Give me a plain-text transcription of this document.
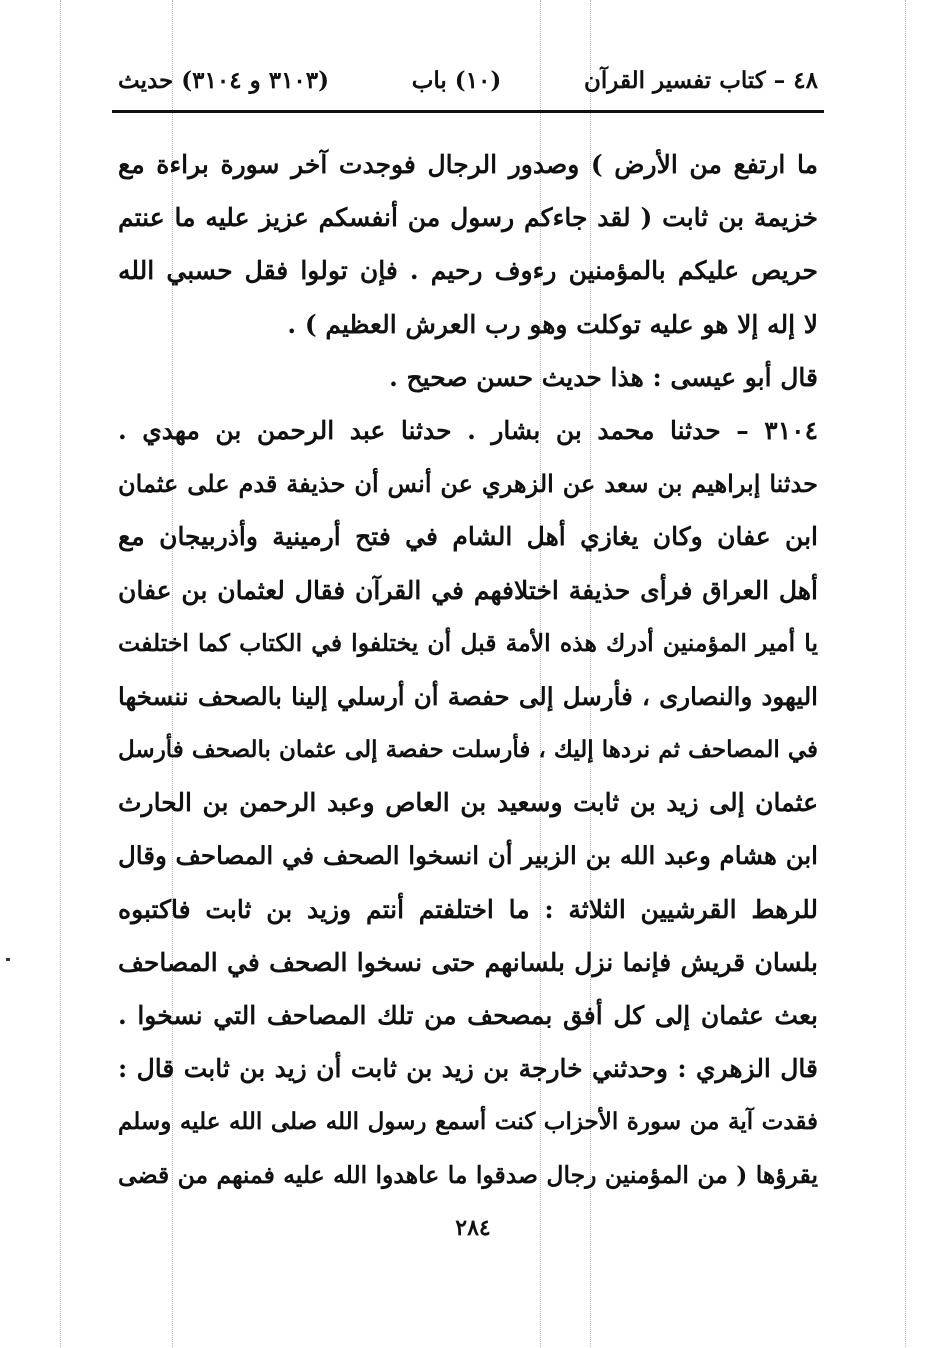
٤٨ – كتاب تفسير القرآن
(١٠) باب
(٣١٠٣ و ٣١٠٤) حديث
ما ارتفع من الأرض ) وصدور الرجال فوجدت آخر سورة براءة مع
خزيمة بن ثابت ( لقد جاءكم رسول من أنفسكم عزيز عليه ما عنتم
حريص عليكم بالمؤمنين رءوف رحيم . فإن تولوا فقل حسبي الله
لا إله إلا هو عليه توكلت وهو رب العرش العظيم ) .
قال أبو عيسى : هذا حديث حسن صحيح .
٣١٠٤ – حدثنا محمد بن بشار . حدثنا عبد الرحمن بن مهدي .
حدثنا إبراهيم بن سعد عن الزهري عن أنس أن حذيفة قدم على عثمان
ابن عفان وكان يغازي أهل الشام في فتح أرمينية وأذربيجان مع
أهل العراق فرأى حذيفة اختلافهم في القرآن فقال لعثمان بن عفان
يا أمير المؤمنين أدرك هذه الأمة قبل أن يختلفوا في الكتاب كما اختلفت
اليهود والنصارى ، فأرسل إلى حفصة أن أرسلي إلينا بالصحف ننسخها
في المصاحف ثم نردها إليك ، فأرسلت حفصة إلى عثمان بالصحف فأرسل
عثمان إلى زيد بن ثابت وسعيد بن العاص وعبد الرحمن بن الحارث
ابن هشام وعبد الله بن الزبير أن انسخوا الصحف في المصاحف وقال
للرهط القرشيين الثلاثة : ما اختلفتم أنتم وزيد بن ثابت فاكتبوه
بلسان قريش فإنما نزل بلسانهم حتى نسخوا الصحف في المصاحف
بعث عثمان إلى كل أفق بمصحف من تلك المصاحف التي نسخوا .
قال الزهري : وحدثني خارجة بن زيد بن ثابت أن زيد بن ثابت قال :
فقدت آية من سورة الأحزاب كنت أسمع رسول الله صلى الله عليه وسلم
يقرؤها ( من المؤمنين رجال صدقوا ما عاهدوا الله عليه فمنهم من قضى
٢٨٤
